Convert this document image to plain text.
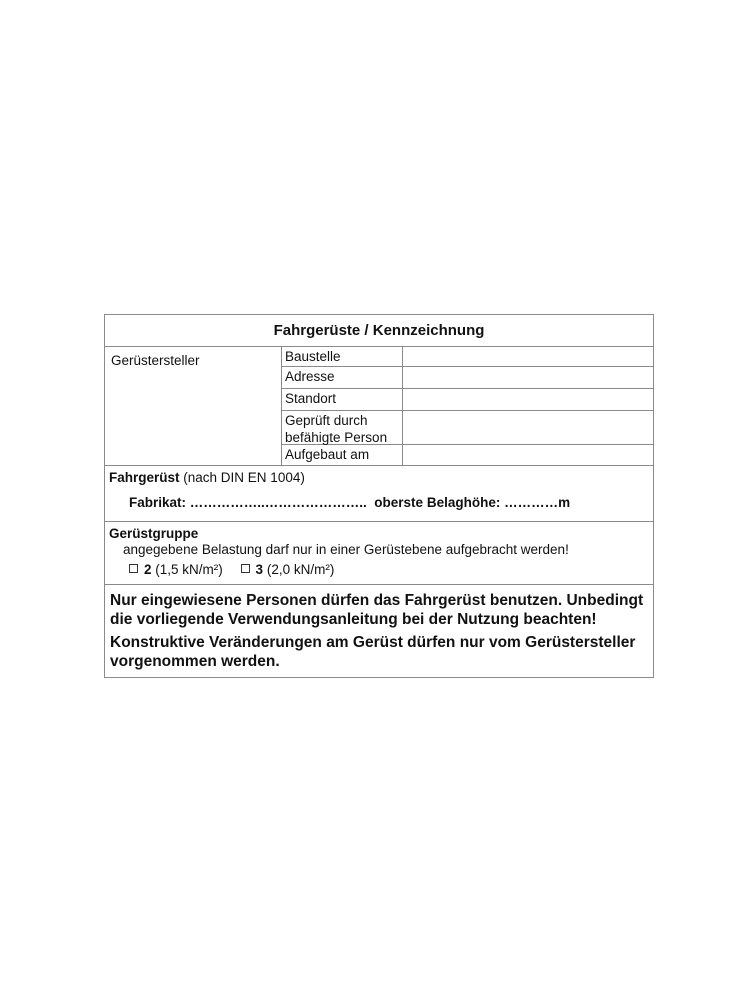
Fahrgerüste / Kennzeichnung
Gerüstersteller	Baustelle
Adresse
Standort
Geprüft durch befähigte Person
Aufgebaut am
Fahrgerüst (nach DIN EN 1004)
Fabrikat: ……………..………………….. oberste Belaghöhe: …………m
Gerüstgruppe
angegebene Belastung darf nur in einer Gerüstebene aufgebracht werden!
2 (1,5 kN/m²) 3 (2,0 kN/m²)

Nur eingewiesene Personen dürfen das Fahrgerüst benutzen. Unbedingt die vorliegende Verwendungsanleitung bei der Nutzung beachten!

Konstruktive Veränderungen am Gerüst dürfen nur vom Gerüstersteller vorgenommen werden.
